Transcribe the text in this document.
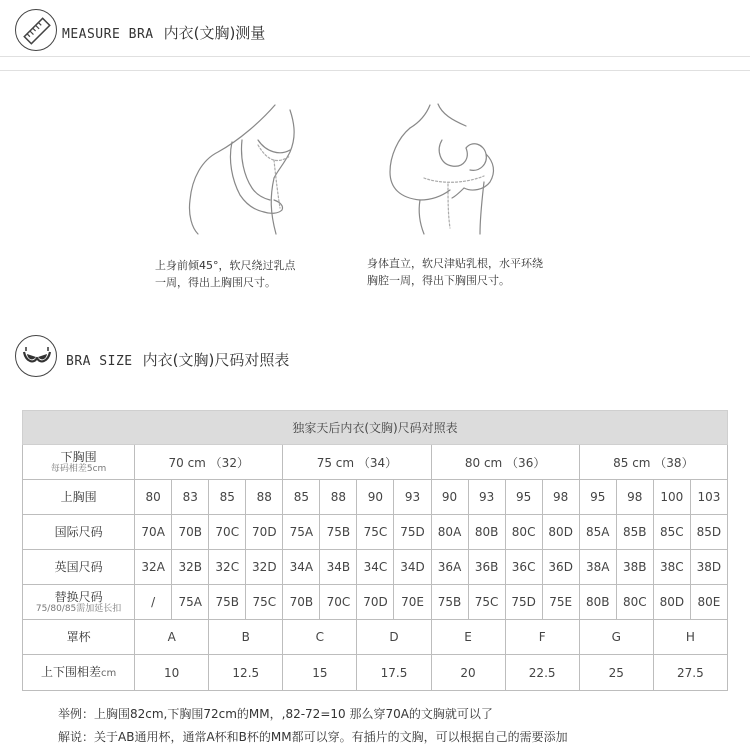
MEASURE BRA 内衣(文胸)测量
上身前倾45°，软尺绕过乳点
一周，得出上胸围尺寸。
身体直立，软尺津贴乳根，水平环绕
胸腔一周，得出下胸围尺寸。
BRA SIZE 内衣(文胸)尺码对照表
独家天后内衣(文胸)尺码对照表																
下胸围
每码相差5cm	70 cm （32）				75 cm （34）				80 cm （36）				85 cm （38）			
上胸围	80	83	85	88	85	88	90	93	90	93	95	98	95	98	100	103
国际尺码	70A	70B	70C	70D	75A	75B	75C	75D	80A	80B	80C	80D	85A	85B	85C	85D
英国尺码	32A	32B	32C	32D	34A	34B	34C	34D	36A	36B	36C	36D	38A	38B	38C	38D
替换尺码
75/80/85需加延长扣	/	75A	75B	75C	70B	70C	70D	70E	75B	75C	75D	75E	80B	80C	80D	80E
罩杯	A		B		C		D		E		F		G		H	
上下围相差cm	10		12.5		15		17.5		20		22.5		25		27.5	
举例：上胸围82cm,下胸围72cm的MM，,82-72=10 那么穿70A的文胸就可以了
解说：关于AB通用杯，通常A杯和B杯的MM都可以穿。有插片的文胸，可以根据自己的需要添加
